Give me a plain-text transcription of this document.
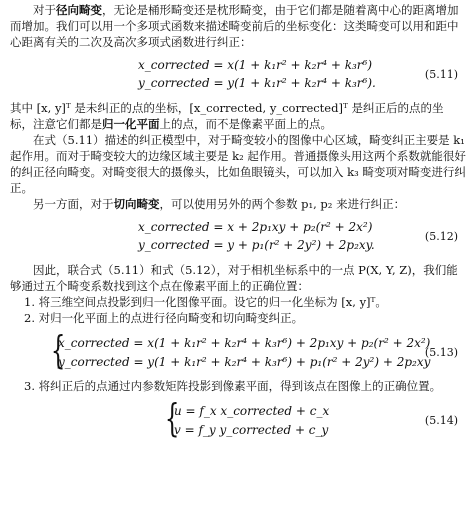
对于径向畸变，无论是桶形畸变还是枕形畸变，由于它们都是随着离中心的距离增加而增加。我们可以用一个多项式函数来描述畸变前后的坐标变化：这类畸变可以用和距中心距离有关的二次及高次多项式函数进行纠正：

x_corrected = x(1 + k₁r² + k₂r⁴ + k₃r⁶)
y_corrected = y(1 + k₁r² + k₂r⁴ + k₃r⁶).
(5.11)

其中 [x, y]ᵀ 是未纠正的点的坐标，[x_corrected, y_corrected]ᵀ 是纠正后的点的坐标，注意它们都是归一化平面上的点，而不是像素平面上的点。

在式（5.11）描述的纠正模型中，对于畸变较小的图像中心区域，畸变纠正主要是 k₁ 起作用。而对于畸变较大的边缘区域主要是 k₂ 起作用。普通摄像头用这两个系数就能很好的纠正径向畸变。对畸变很大的摄像头，比如鱼眼镜头，可以加入 k₃ 畸变项对畸变进行纠正。

另一方面，对于切向畸变，可以使用另外的两个参数 p₁, p₂ 来进行纠正：

x_corrected = x + 2p₁xy + p₂(r² + 2x²)
y_corrected = y + p₁(r² + 2y²) + 2p₂xy.
(5.12)

因此，联合式（5.11）和式（5.12），对于相机坐标系中的一点 P(X, Y, Z)，我们能够通过五个畸变系数找到这个点在像素平面上的正确位置：

1. 将三维空间点投影到归一化图像平面。设它的归一化坐标为 [x, y]ᵀ。
2. 对归一化平面上的点进行径向畸变和切向畸变纠正。
{
x_corrected = x(1 + k₁r² + k₂r⁴ + k₃r⁶) + 2p₁xy + p₂(r² + 2x²)
y_corrected = y(1 + k₁r² + k₂r⁴ + k₃r⁶) + p₁(r² + 2y²) + 2p₂xy
(5.13)
3. 将纠正后的点通过内参数矩阵投影到像素平面，得到该点在图像上的正确位置。
{
u = f_x x_corrected + c_x
v = f_y y_corrected + c_y
(5.14)
